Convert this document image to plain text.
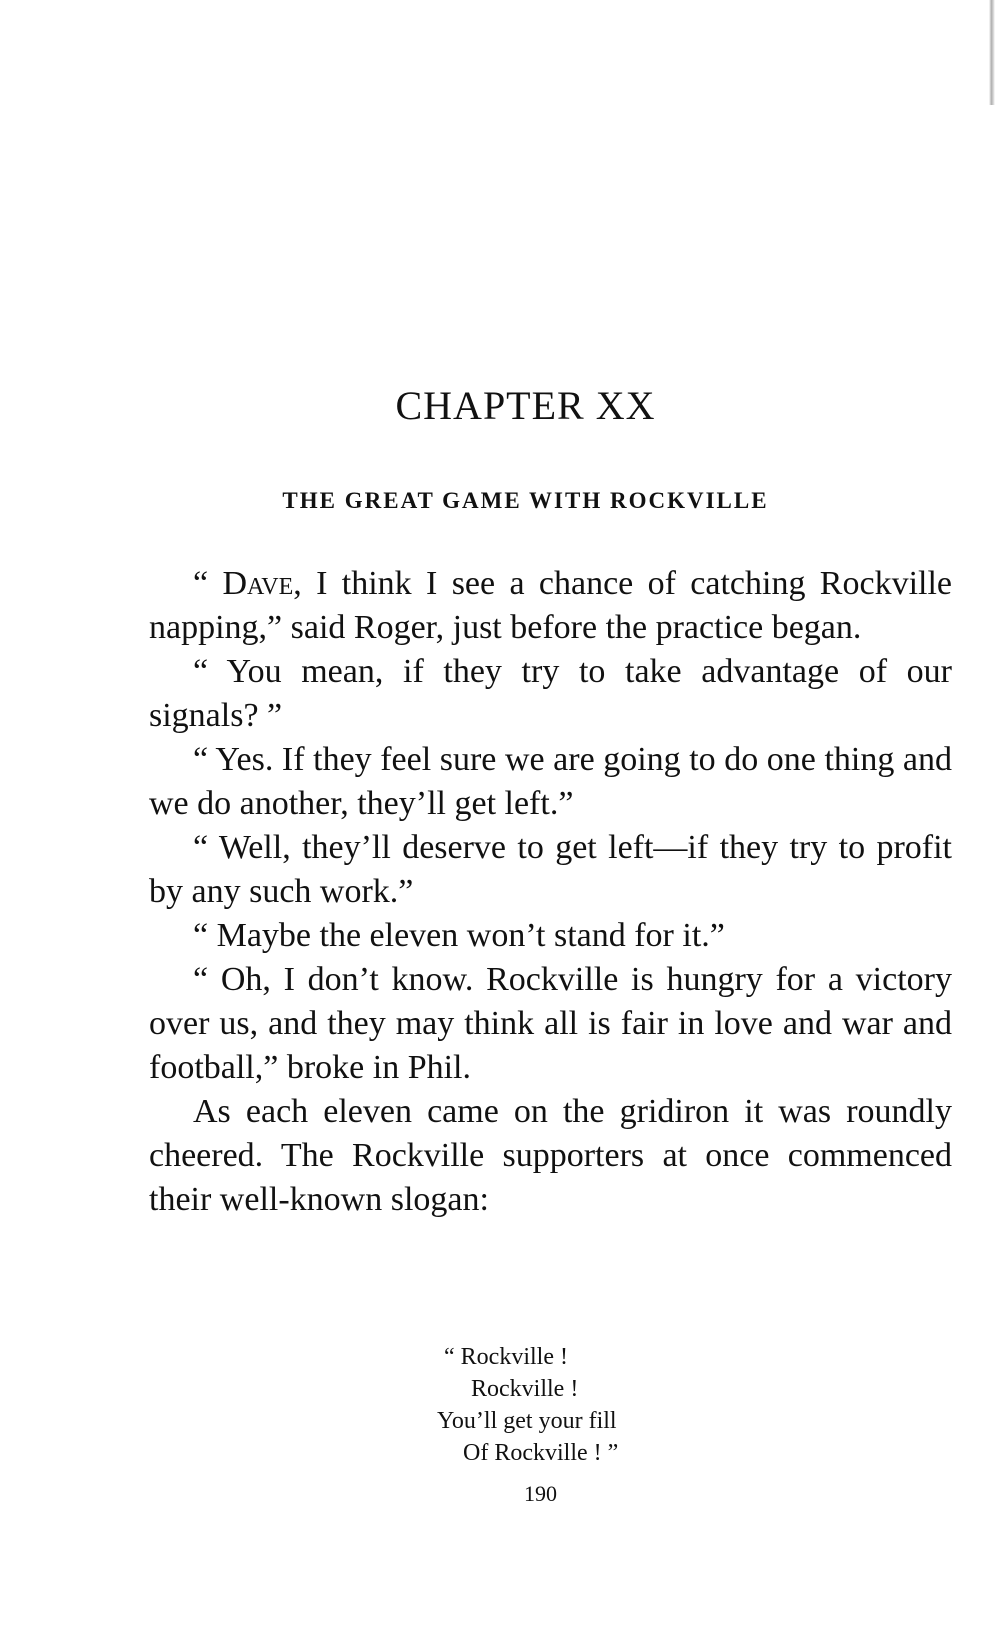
CHAPTER XX
THE GREAT GAME WITH ROCKVILLE

“ Dave, I think I see a chance of catching Rockville napping,” said Roger, just before the practice began.

“ You mean, if they try to take advantage of our signals? ”

“ Yes. If they feel sure we are going to do one thing and we do another, they’ll get left.”

“ Well, they’ll deserve to get left—if they try to profit by any such work.”

“ Maybe the eleven won’t stand for it.”

“ Oh, I don’t know. Rockville is hungry for a victory over us, and they may think all is fair in love and war and football,” broke in Phil.

As each eleven came on the gridiron it was roundly cheered. The Rockville supporters at once commenced their well-known slogan:

“ Rockville !
Rockville !
You’ll get your fill
Of Rockville ! ”
190
